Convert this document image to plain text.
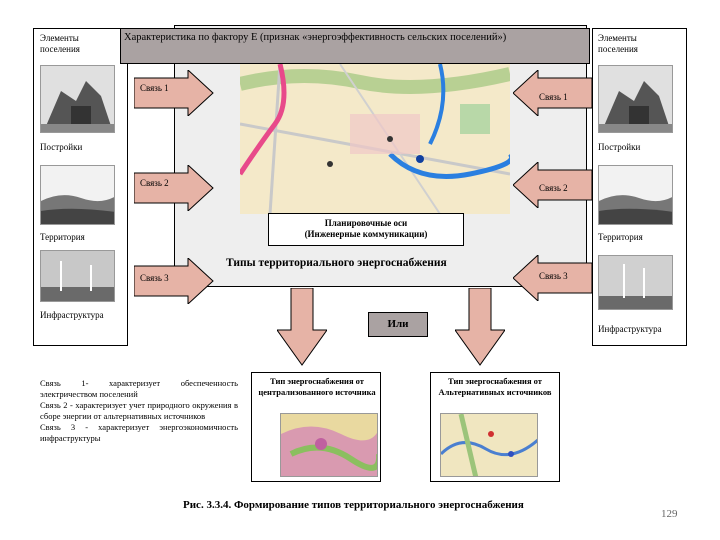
Элементы поселения
Постройки
Территория
Инфраструктура
Элементы поселения
Постройки
Территория
Инфраструктура
Характеристика по фактору Е (признак «энергоэффективность сельских поселений»)
Связь 1
Связь 2
Связь 3
Связь 1
Связь 2
Связь 3
Планировочные оси (Инженерные коммуникации)
Типы территориального энергоснабжения
Или
Тип энергоснабжения от централизованного источника
Тип энергоснабжения от Альтернативных источников
Связь 1- характеризует обеспеченность электричеством поселений
Связь 2 - характеризует учет природного окружения в сборе энергии от альтернативных источников
Связь 3 - характеризует энергоэкономичность инфраструктуры
Рис. 3.3.4. Формирование типов территориального энергоснабжения
129
